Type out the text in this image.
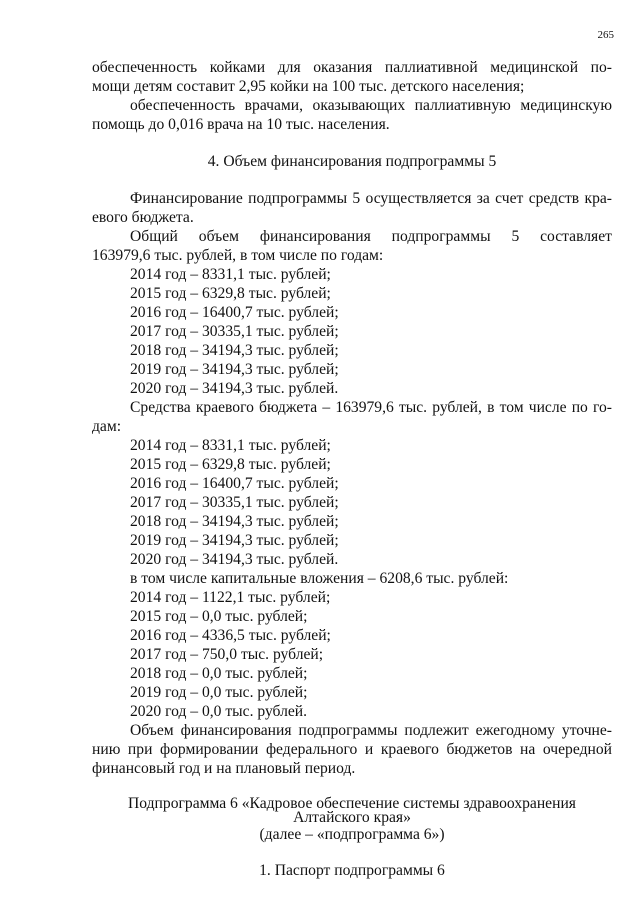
265
обеспеченность койками для оказания паллиативной медицинской по-
мощи детям составит 2,95 койки на 100 тыс. детского населения;
обеспеченность врачами, оказывающих паллиативную медицинскую
помощь до 0,016 врача на 10 тыс. населения.
4. Объем финансирования подпрограммы 5
Финансирование подпрограммы 5 осуществляется за счет средств кра-
евого бюджета.
Общий объем финансирования подпрограммы 5 составляет
163979,6 тыс. рублей, в том числе по годам:
2014 год – 8331,1 тыс. рублей;
2015 год – 6329,8 тыс. рублей;
2016 год – 16400,7 тыс. рублей;
2017 год – 30335,1 тыс. рублей;
2018 год – 34194,3 тыс. рублей;
2019 год – 34194,3 тыс. рублей;
2020 год – 34194,3 тыс. рублей.
Средства краевого бюджета – 163979,6 тыс. рублей, в том числе по го-
дам:
2014 год – 8331,1 тыс. рублей;
2015 год – 6329,8 тыс. рублей;
2016 год – 16400,7 тыс. рублей;
2017 год – 30335,1 тыс. рублей;
2018 год – 34194,3 тыс. рублей;
2019 год – 34194,3 тыс. рублей;
2020 год – 34194,3 тыс. рублей.
в том числе капитальные вложения – 6208,6 тыс. рублей:
2014 год – 1122,1 тыс. рублей;
2015 год – 0,0 тыс. рублей;
2016 год – 4336,5 тыс. рублей;
2017 год – 750,0 тыс. рублей;
2018 год – 0,0 тыс. рублей;
2019 год – 0,0 тыс. рублей;
2020 год – 0,0 тыс. рублей.
Объем финансирования подпрограммы подлежит ежегодному уточне-
нию при формировании федерального и краевого бюджетов на очередной
финансовый год и на плановый период.
Подпрограмма 6 «Кадровое обеспечение системы здравоохранения
Алтайского края»
(далее – «подпрограмма 6»)
1. Паспорт подпрограммы 6
